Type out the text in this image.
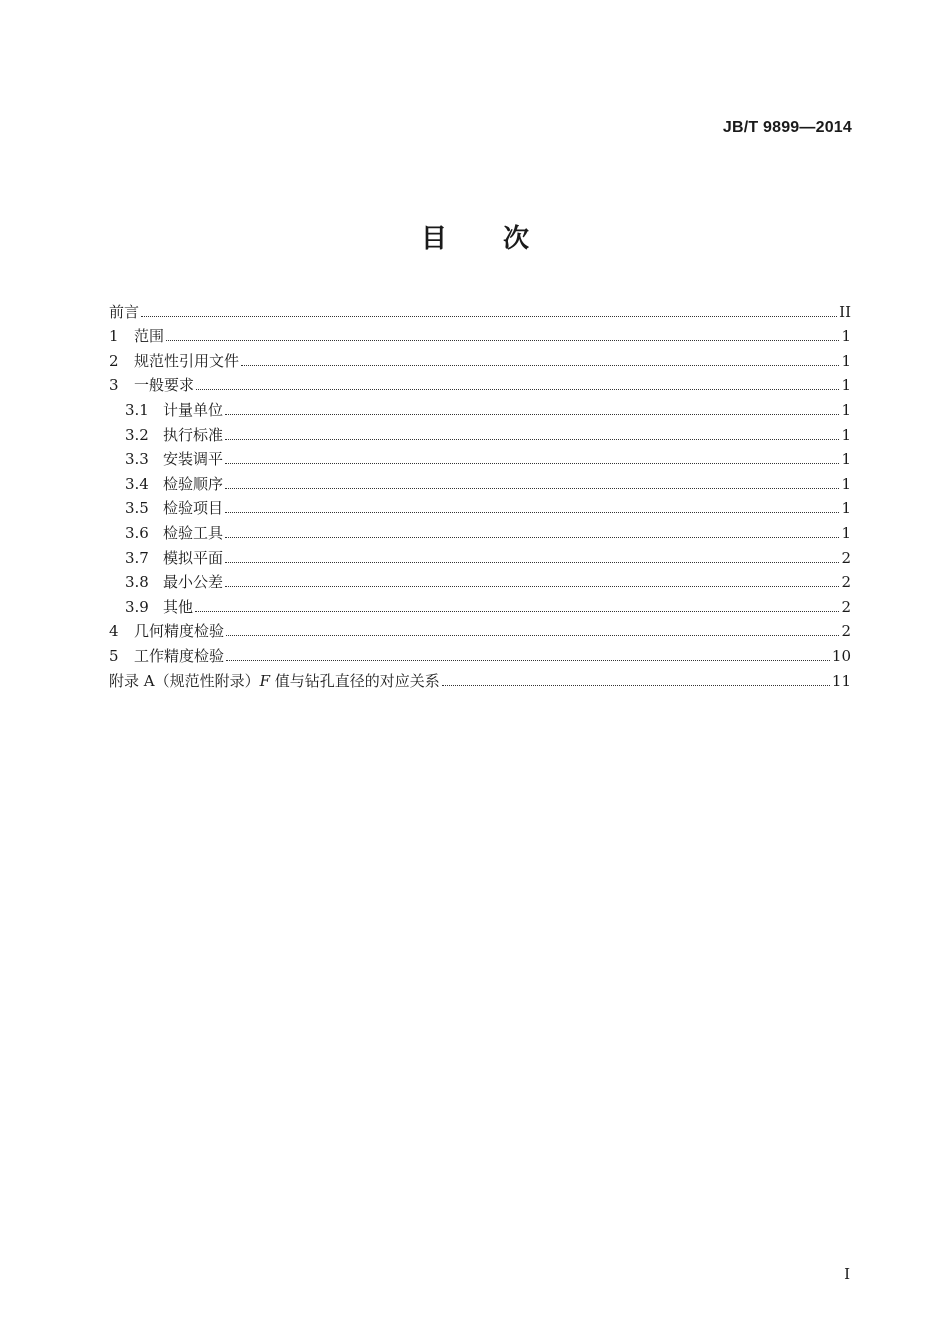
JB/T 9899—2014
目 次
前言	II
1	范围	1
2	规范性引用文件	1
3	一般要求	1
3.1 计量单位	1
3.2 执行标准	1
3.3 安装调平	1
3.4 检验顺序	1
3.5 检验项目	1
3.6 检验工具	1
3.7 模拟平面	2
3.8 最小公差	2
3.9 其他	2
4	几何精度检验	2
5	工作精度检验	10
附录 A（规范性附录）F 值与钻孔直径的对应关系	11
I
